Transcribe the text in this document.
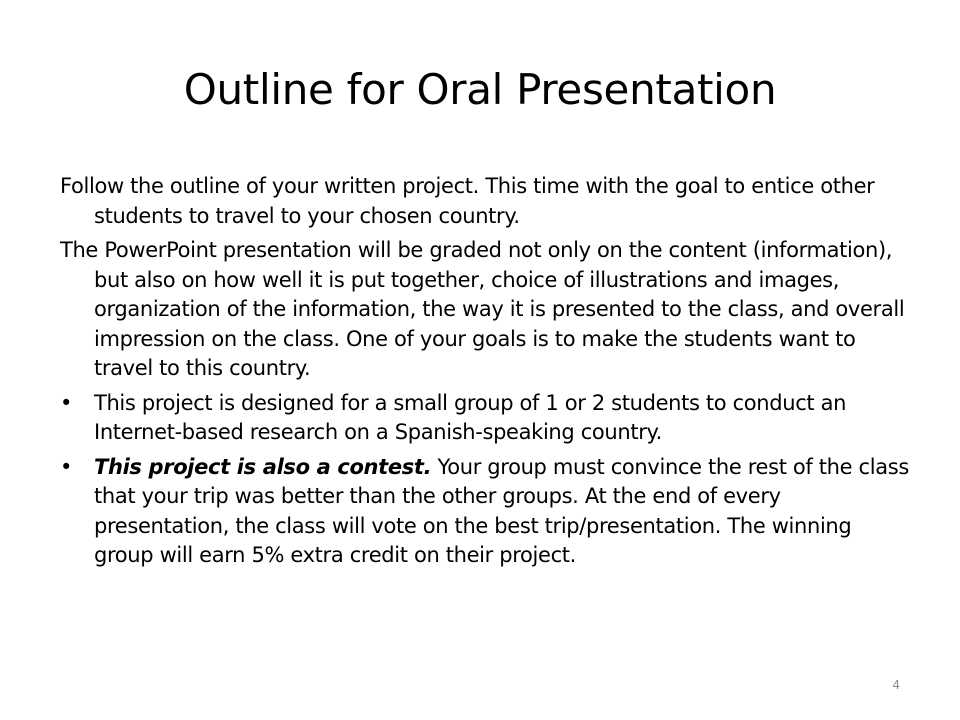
Outline for Oral Presentation

Follow the outline of your written project. This time with the goal to entice other students to travel to your chosen country.

The PowerPoint presentation will be graded not only on the content (information), but also on how well it is put together, choice of illustrations and images, organization of the information, the way it is presented to the class, and overall impression on the class. One of your goals is to make the students want to travel to this country.

•	This project is designed for a small group of 1 or 2 students to conduct an Internet-based research on a Spanish-speaking country.
•	This project is also a contest. Your group must convince the rest of the class that your trip was better than the other groups. At the end of every presentation, the class will vote on the best trip/presentation. The winning group will earn 5% extra credit on their project.
4
